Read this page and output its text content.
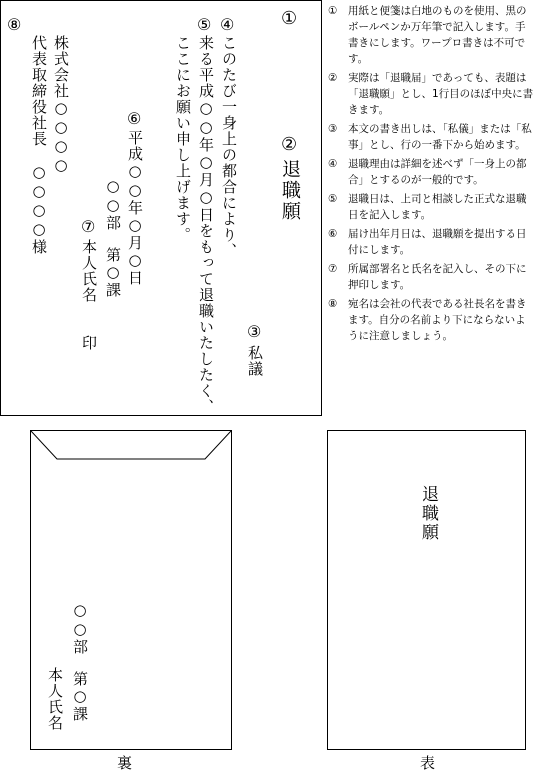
①
②
退職願
③
私議
④
このたび一身上の都合により、
⑤
来る平成○○年○月○日をもって退職いたしたく、
ここにお願い申し上げます。
⑥
平成○○年○月○日
○○部　第○課
⑦
本人氏名　　印
⑧
株式会社○○○○
代表取締役社長　○○○○様
①	用紙と便箋は白地のものを使用、黒のボールペンか万年筆で記入します。手書きにします。ワープロ書きは不可です。
②	実際は「退職届」であっても、表題は「退職願」とし、1行目のほぼ中央に書きます。
③	本文の書き出しは、「私儀」または「私事」とし、行の一番下から始めます。
④	退職理由は詳細を述べず「一身上の都合」とするのが一般的です。
⑤	退職日は、上司と相談した正式な退職日を記入します。
⑥	届け出年月日は、退職願を提出する日付にします。
⑦	所属部署名と氏名を記入し、その下に押印します。
⑧	宛名は会社の代表である社長名を書きます。自分の名前より下にならないように注意しましょう。
○○部　第○課
本人氏名
裏
退職願
表
